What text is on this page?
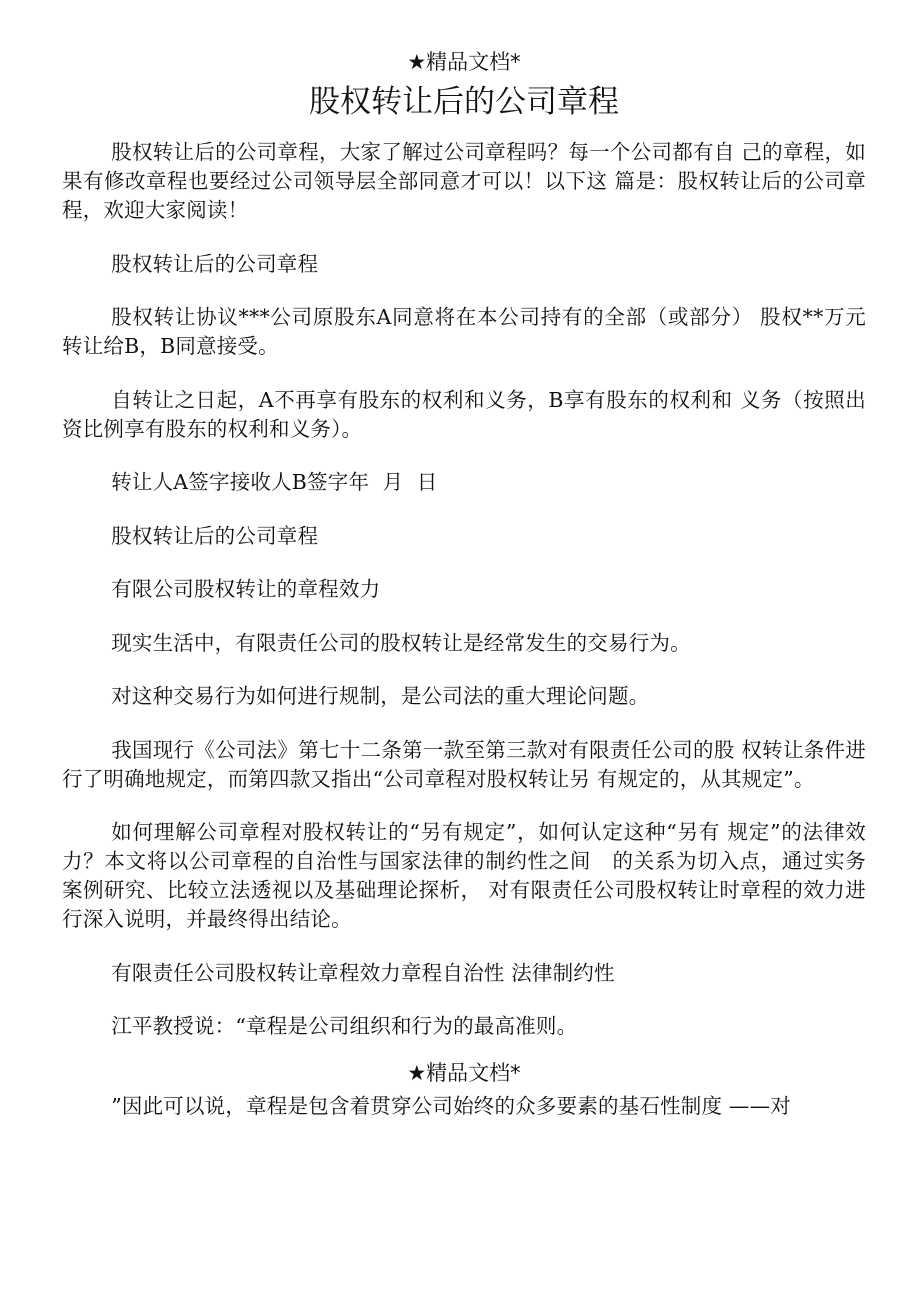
★精品文档*
股权转让后的公司章程

股权转让后的公司章程，大家了解过公司章程吗？每一个公司都有自 己的章程，如果有修改章程也要经过公司领导层全部同意才可以！以下这 篇是：股权转让后的公司章程，欢迎大家阅读！

股权转让后的公司章程

股权转让协议***公司原股东A同意将在本公司持有的全部（或部分） 股权**万元转让给B，B同意接受。

自转让之日起，A不再享有股东的权利和义务，B享有股东的权利和 义务（按照出资比例享有股东的权利和义务）。

转让人A签字接收人B签字年  月  日

股权转让后的公司章程

有限公司股权转让的章程效力

现实生活中，有限责任公司的股权转让是经常发生的交易行为。

对这种交易行为如何进行规制，是公司法的重大理论问题。

我国现行《公司法》第七十二条第一款至第三款对有限责任公司的股 权转让条件进行了明确地规定，而第四款又指出“公司章程对股权转让另 有规定的，从其规定”。

如何理解公司章程对股权转让的“另有规定”，如何认定这种“另有 规定”的法律效力？本文将以公司章程的自治性与国家法律的制约性之间   的关系为切入点，通过实务案例研究、比较立法透视以及基础理论探析， 对有限责任公司股权转让时章程的效力进行深入说明，并最终得出结论。

有限责任公司股权转让章程效力章程自治性 法律制约性

江平教授说：“章程是公司组织和行为的最高准则。

★精品文档*

”因此可以说，章程是包含着贯穿公司始终的众多要素的基石性制度 ——对
